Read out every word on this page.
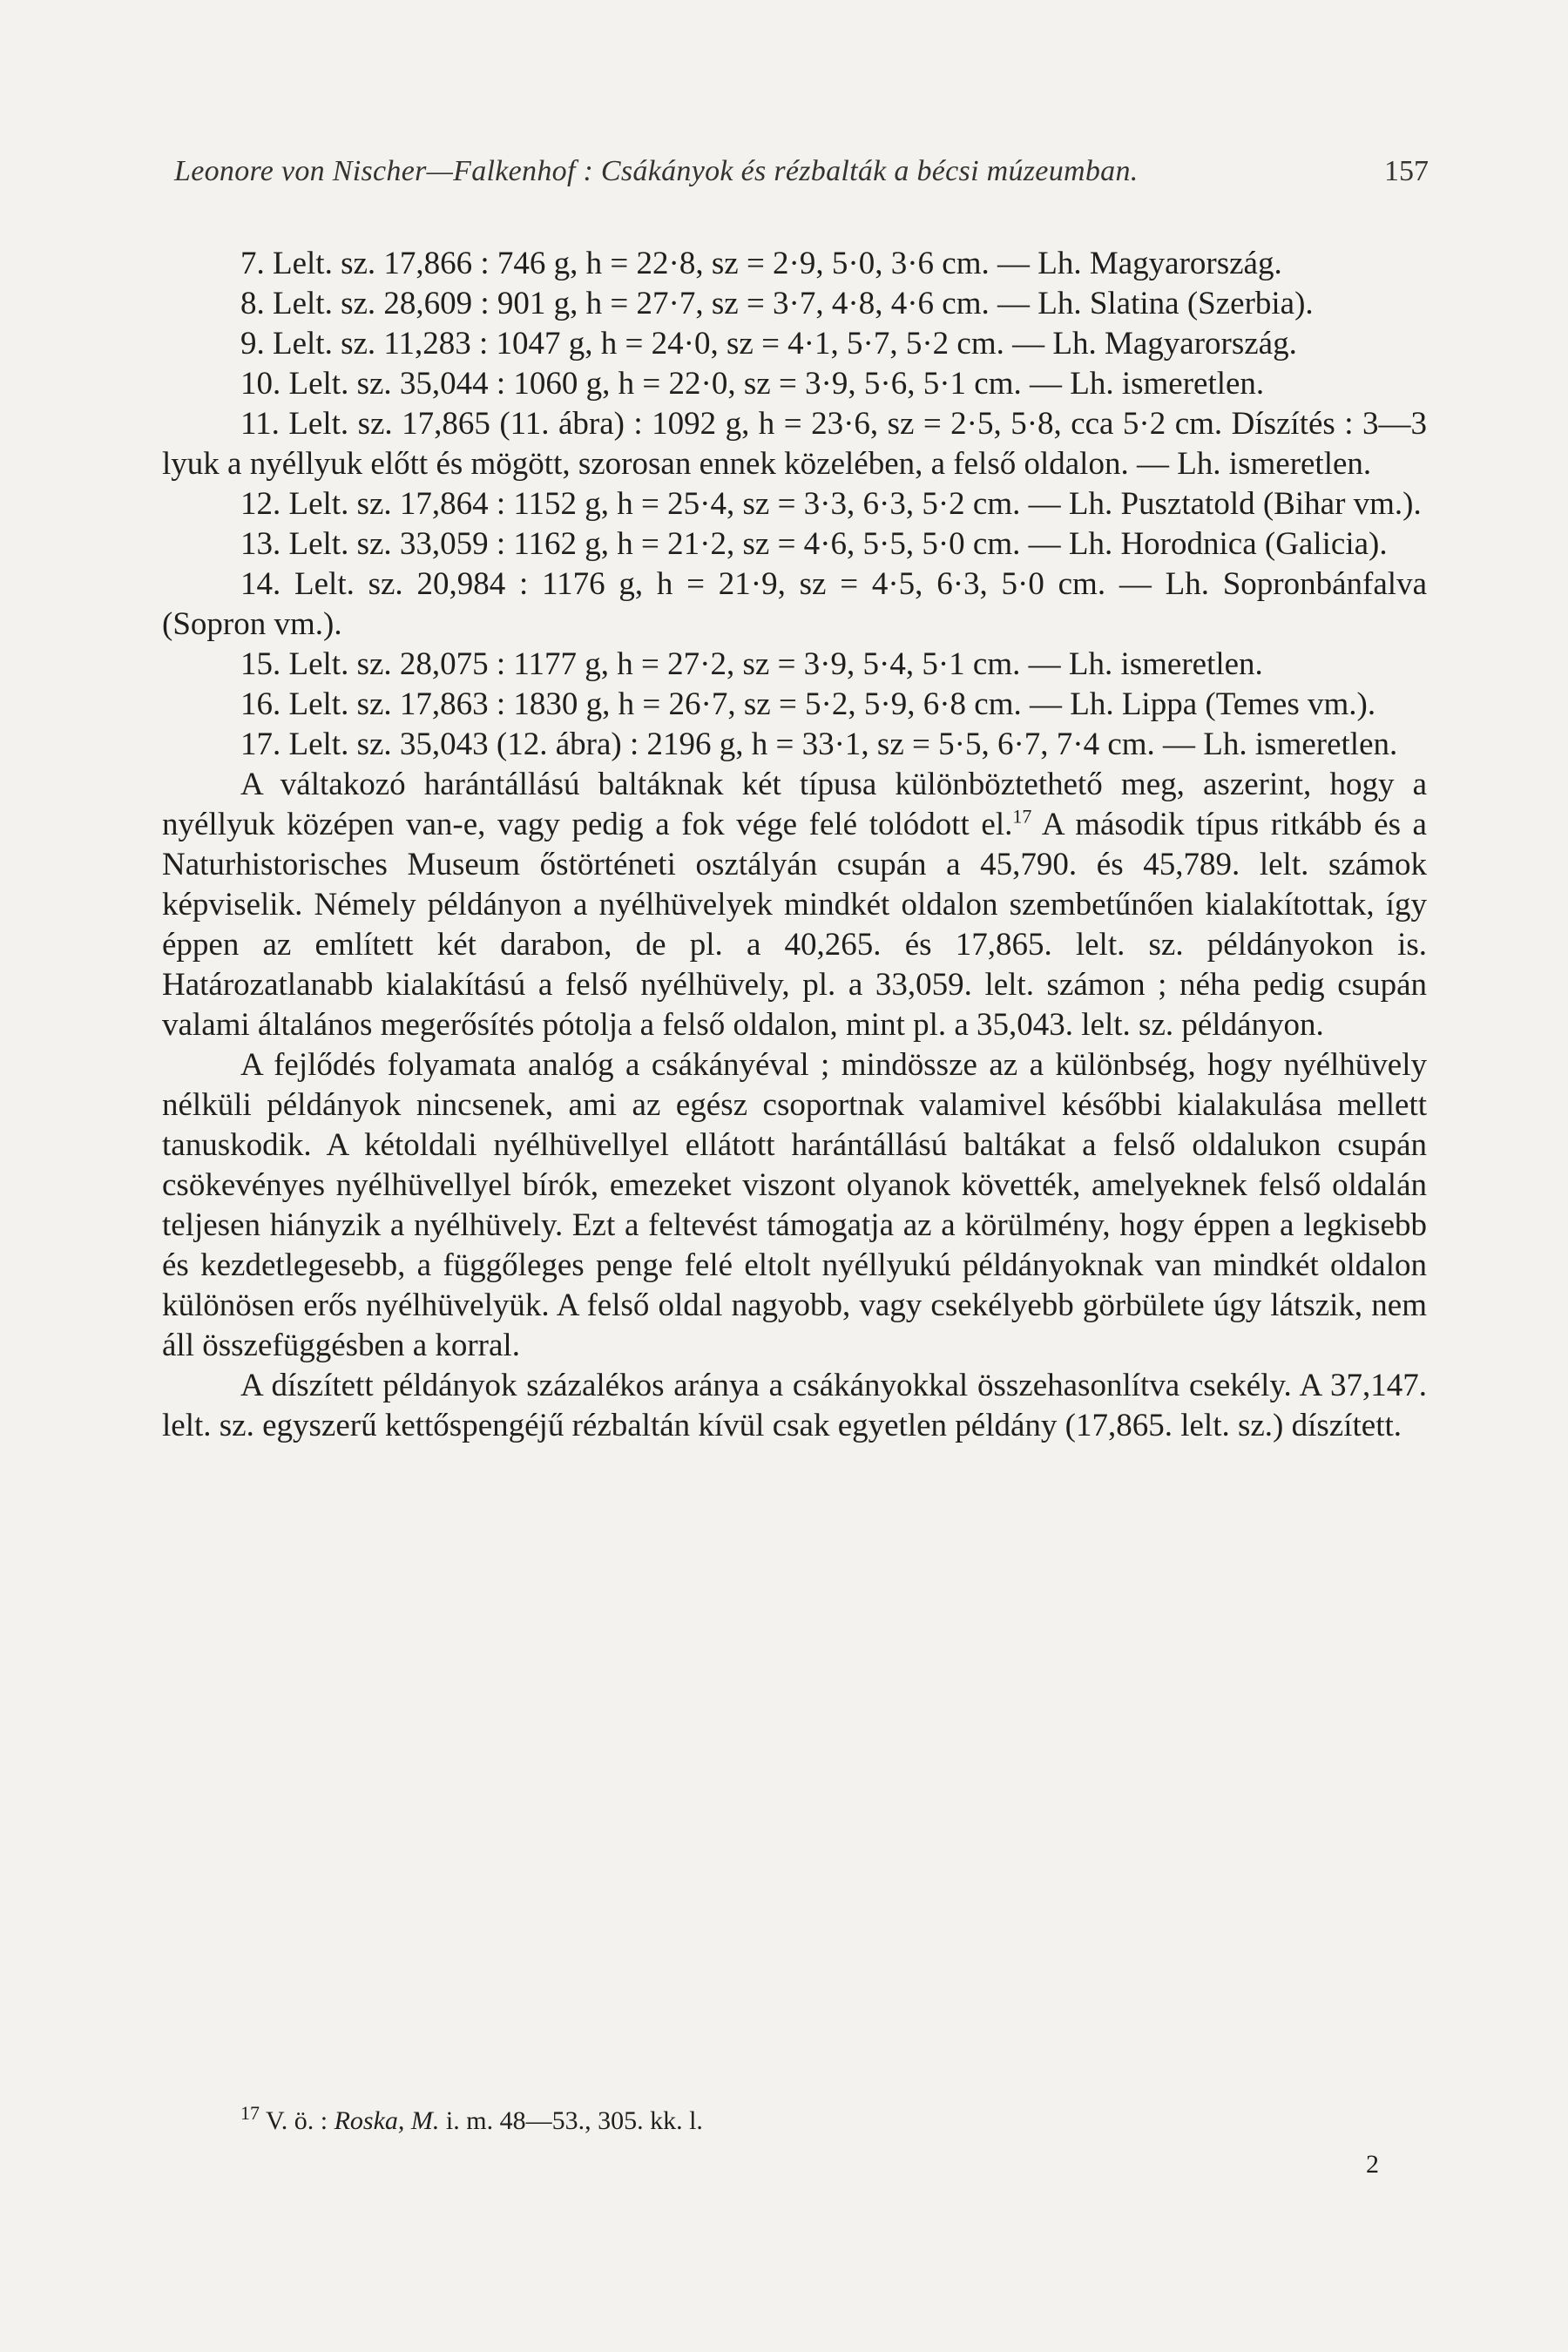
Leonore von Nischer—Falkenhof : Csákányok és rézbalták a bécsi múzeumban.	157

7. Lelt. sz. 17,866 : 746 g, h = 22·8, sz = 2·9, 5·0, 3·6 cm. — Lh. Magyarország.

8. Lelt. sz. 28,609 : 901 g, h = 27·7, sz = 3·7, 4·8, 4·6 cm. — Lh. Slatina (Szerbia).

9. Lelt. sz. 11,283 : 1047 g, h = 24·0, sz = 4·1, 5·7, 5·2 cm. — Lh. Magyarország.

10. Lelt. sz. 35,044 : 1060 g, h = 22·0, sz = 3·9, 5·6, 5·1 cm. — Lh. ismeretlen.

11. Lelt. sz. 17,865 (11. ábra) : 1092 g, h = 23·6, sz = 2·5, 5·8, cca 5·2 cm. Díszítés : 3—3 lyuk a nyéllyuk előtt és mögött, szorosan ennek közelében, a felső oldalon. — Lh. ismeretlen.

12. Lelt. sz. 17,864 : 1152 g, h = 25·4, sz = 3·3, 6·3, 5·2 cm. — Lh. Pusztatold (Bihar vm.).

13. Lelt. sz. 33,059 : 1162 g, h = 21·2, sz = 4·6, 5·5, 5·0 cm. — Lh. Horodnica (Galicia).

14. Lelt. sz. 20,984 : 1176 g, h = 21·9, sz = 4·5, 6·3, 5·0 cm. — Lh. Sopronbánfalva (Sopron vm.).

15. Lelt. sz. 28,075 : 1177 g, h = 27·2, sz = 3·9, 5·4, 5·1 cm. — Lh. ismeretlen.

16. Lelt. sz. 17,863 : 1830 g, h = 26·7, sz = 5·2, 5·9, 6·8 cm. — Lh. Lippa (Temes vm.).

17. Lelt. sz. 35,043 (12. ábra) : 2196 g, h = 33·1, sz = 5·5, 6·7, 7·4 cm. — Lh. ismeretlen.

A váltakozó harántállású baltáknak két típusa különböztethető meg, aszerint, hogy a nyéllyuk középen van-e, vagy pedig a fok vége felé tolódott el.$^{17}$ A második típus ritkább és a Naturhistorisches Museum őstörténeti osztályán csupán a 45,790. és 45,789. lelt. számok képviselik. Némely példányon a nyélhüvelyek mindkét oldalon szembetűnően kialakítottak, így éppen az említett két darabon, de pl. a 40,265. és 17,865. lelt. sz. példányokon is. Határozatlanabb kialakítású a felső nyélhüvely, pl. a 33,059. lelt. számon ; néha pedig csupán valami általános megerősítés pótolja a felső oldalon, mint pl. a 35,043. lelt. sz. példányon.

A fejlődés folyamata analóg a csákányéval ; mindössze az a különbség, hogy nyélhüvely nélküli példányok nincsenek, ami az egész csoportnak valamivel későbbi kialakulása mellett tanuskodik. A kétoldali nyélhüvellyel ellátott harántállású baltákat a felső oldalukon csupán csökevényes nyélhüvellyel bírók, emezeket viszont olyanok követték, amelyeknek felső oldalán teljesen hiányzik a nyélhüvely. Ezt a feltevést támogatja az a körülmény, hogy éppen a legkisebb és kezdetlegesebb, a függőleges penge felé eltolt nyéllyukú példányoknak van mindkét oldalon különösen erős nyélhüvelyük. A felső oldal nagyobb, vagy csekélyebb görbülete úgy látszik, nem áll összefüggésben a korral.

A díszített példányok százalékos aránya a csákányokkal összehasonlítva csekély. A 37,147. lelt. sz. egyszerű kettőspengéjű rézbaltán kívül csak egyetlen példány (17,865. lelt. sz.) díszített.

$^{17}$ V. ö. : Roska, M. i. m. 48—53., 305. kk. l.
2
